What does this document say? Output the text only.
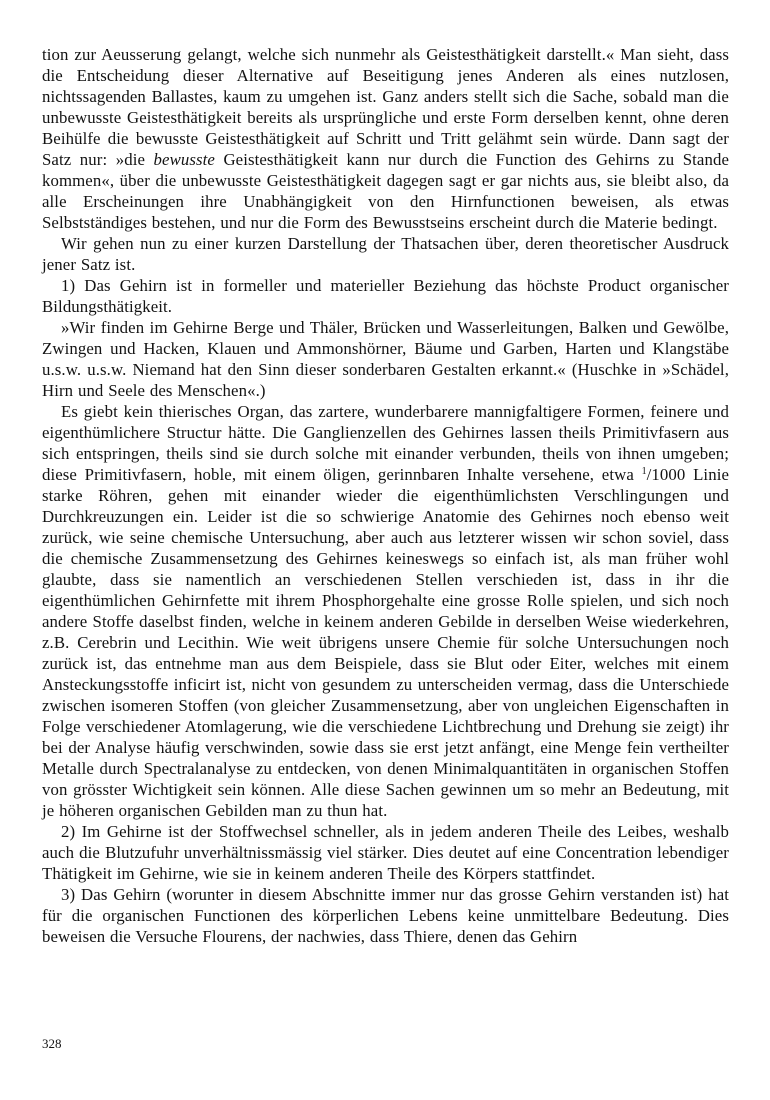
tion zur Aeusserung gelangt, welche sich nunmehr als Geistesthätigkeit darstellt.« Man sieht, dass die Entscheidung dieser Alternative auf Beseitigung jenes Anderen als eines nutzlosen, nichtssagenden Ballastes, kaum zu umgehen ist. Ganz anders stellt sich die Sache, sobald man die unbewusste Geistesthätigkeit bereits als ursprüngliche und erste Form derselben kennt, ohne deren Beihülfe die bewusste Geistesthätigkeit auf Schritt und Tritt gelähmt sein würde. Dann sagt der Satz nur: »die bewusste Geistesthätigkeit kann nur durch die Function des Gehirns zu Stande kommen«, über die unbewusste Geistesthätigkeit dagegen sagt er gar nichts aus, sie bleibt also, da alle Erscheinungen ihre Unabhängigkeit von den Hirnfunctionen beweisen, als etwas Selbstständiges bestehen, und nur die Form des Bewusstseins erscheint durch die Materie bedingt.

Wir gehen nun zu einer kurzen Darstellung der Thatsachen über, deren theoretischer Ausdruck jener Satz ist.

1) Das Gehirn ist in formeller und materieller Beziehung das höchste Product organischer Bildungsthätigkeit.

»Wir finden im Gehirne Berge und Thäler, Brücken und Wasserleitungen, Balken und Gewölbe, Zwingen und Hacken, Klauen und Ammonshörner, Bäume und Garben, Harten und Klangstäbe u.s.w. u.s.w. Niemand hat den Sinn dieser sonderbaren Gestalten erkannt.« (Huschke in »Schädel, Hirn und Seele des Menschen«.)

Es giebt kein thierisches Organ, das zartere, wunderbarere mannigfaltigere Formen, feinere und eigenthümlichere Structur hätte. Die Ganglienzellen des Gehirnes lassen theils Primitivfasern aus sich entspringen, theils sind sie durch solche mit einander verbunden, theils von ihnen umgeben; diese Primitivfasern, hoble, mit einem öligen, gerinnbaren Inhalte versehene, etwa $^1$/1000 Linie starke Röhren, gehen mit einander wieder die eigenthümlichsten Verschlingungen und Durchkreuzungen ein. Leider ist die so schwierige Anatomie des Gehirnes noch ebenso weit zurück, wie seine chemische Untersuchung, aber auch aus letzterer wissen wir schon soviel, dass die chemische Zusammensetzung des Gehirnes keineswegs so einfach ist, als man früher wohl glaubte, dass sie namentlich an verschiedenen Stellen verschieden ist, dass in ihr die eigenthümlichen Gehirnfette mit ihrem Phosphorgehalte eine grosse Rolle spielen, und sich noch andere Stoffe daselbst finden, welche in keinem anderen Gebilde in derselben Weise wiederkehren, z.B. Cerebrin und Lecithin. Wie weit übrigens unsere Chemie für solche Untersuchungen noch zurück ist, das entnehme man aus dem Beispiele, dass sie Blut oder Eiter, welches mit einem Ansteckungsstoffe inficirt ist, nicht von gesundem zu unterscheiden vermag, dass die Unterschiede zwischen isomeren Stoffen (von gleicher Zusammensetzung, aber von ungleichen Eigenschaften in Folge verschiedener Atomlagerung, wie die verschiedene Lichtbrechung und Drehung sie zeigt) ihr bei der Analyse häufig verschwinden, sowie dass sie erst jetzt anfängt, eine Menge fein vertheilter Metalle durch Spectralanalyse zu entdecken, von denen Minimalquantitäten in organischen Stoffen von grösster Wichtigkeit sein können. Alle diese Sachen gewinnen um so mehr an Bedeutung, mit je höheren organischen Gebilden man zu thun hat.

2) Im Gehirne ist der Stoffwechsel schneller, als in jedem anderen Theile des Leibes, weshalb auch die Blutzufuhr unverhältnissmässig viel stärker. Dies deutet auf eine Concentration lebendiger Thätigkeit im Gehirne, wie sie in keinem anderen Theile des Körpers stattfindet.

3) Das Gehirn (worunter in diesem Abschnitte immer nur das grosse Gehirn verstanden ist) hat für die organischen Functionen des körperlichen Lebens keine unmittelbare Bedeutung. Dies beweisen die Versuche Flourens, der nachwies, dass Thiere, denen das Gehirn

328
